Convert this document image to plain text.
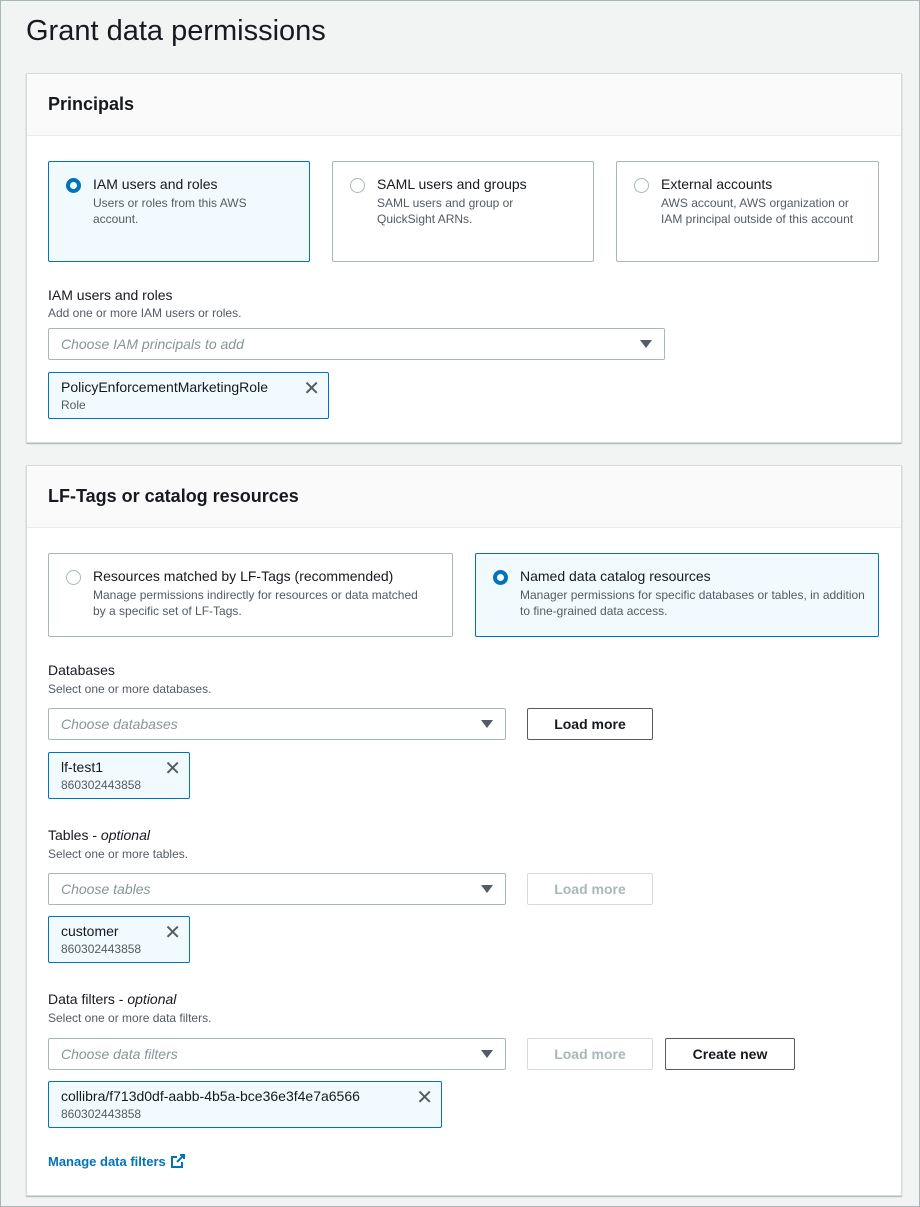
Grant data permissions
Principals
IAM users and roles
Users or roles from this AWS account.
SAML users and groups
SAML users and group or QuickSight ARNs.
External accounts
AWS account, AWS organization or IAM principal outside of this account
IAM users and roles
Add one or more IAM users or roles.
Choose IAM principals to add
PolicyEnforcementMarketingRole
Role
✕
LF-Tags or catalog resources
Resources matched by LF-Tags (recommended)
Manage permissions indirectly for resources or data matched by a specific set of LF-Tags.
Named data catalog resources
Manager permissions for specific databases or tables, in addition to fine-grained data access.
Databases
Select one or more databases.
Choose databases	Load more
lf-test1
860302443858
✕
Tables - optional
Select one or more tables.
Choose tables	Load more
customer
860302443858
✕
Data filters - optional
Select one or more data filters.
Choose data filters	Load more	Create new
collibra/f713d0df-aabb-4b5a-bce36e3f4e7a6566
860302443858
✕
Manage data filters
